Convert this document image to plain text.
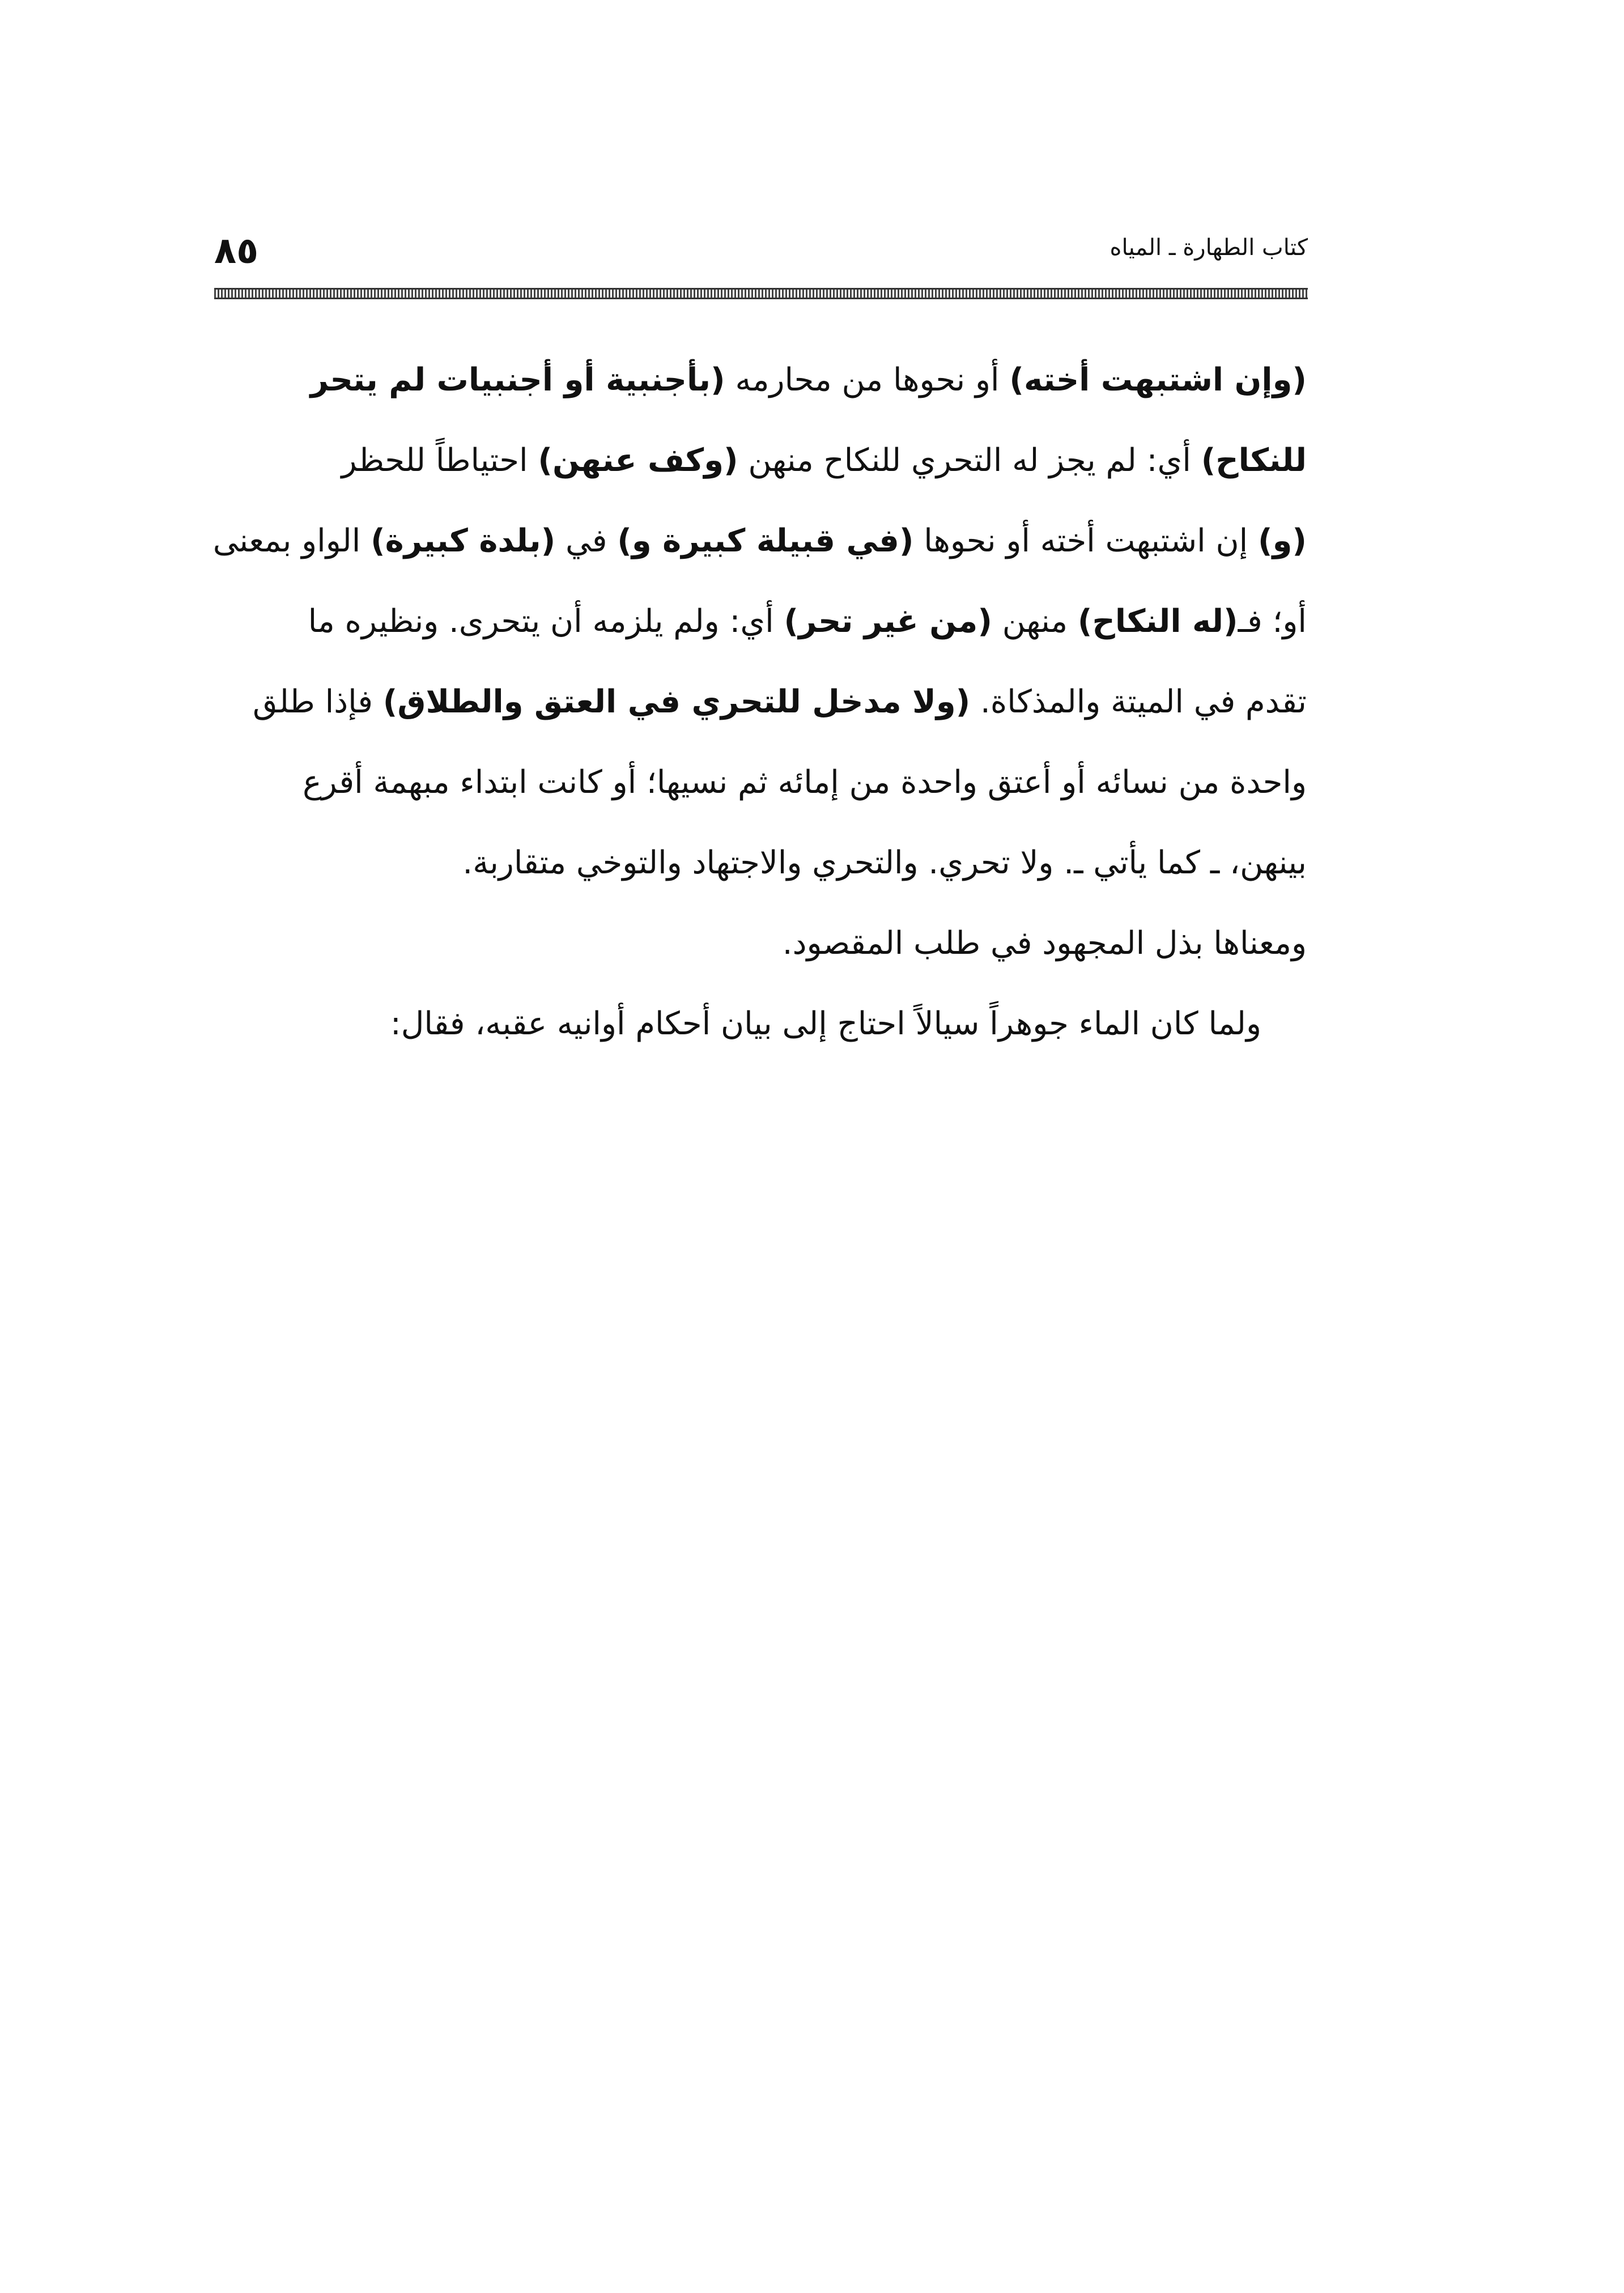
٨٥	كتاب الطهارة ـ المياه

(وإن اشتبهت أخته) أو نحوها من محارمه (بأجنبية أو أجنبيات لم يتحر
للنكاح) أي: لم يجز له التحري للنكاح منهن (وكف عنهن) احتياطاً للحظر
(و) إن اشتبهت أخته أو نحوها (في قبيلة كبيرة و) في (بلدة كبيرة) الواو بمعنى
أو؛ فـ(له النكاح) منهن (من غير تحر) أي: ولم يلزمه أن يتحرى. ونظيره ما
تقدم في الميتة والمذكاة. (ولا مدخل للتحري في العتق والطلاق) فإذا طلق
واحدة من نسائه أو أعتق واحدة من إمائه ثم نسيها؛ أو كانت ابتداء مبهمة أقرع
بينهن، ـ كما يأتي ـ. ولا تحري. والتحري والاجتهاد والتوخي متقاربة.
ومعناها بذل المجهود في طلب المقصود.

ولما كان الماء جوهراً سيالاً احتاج إلى بيان أحكام أوانيه عقبه، فقال:
